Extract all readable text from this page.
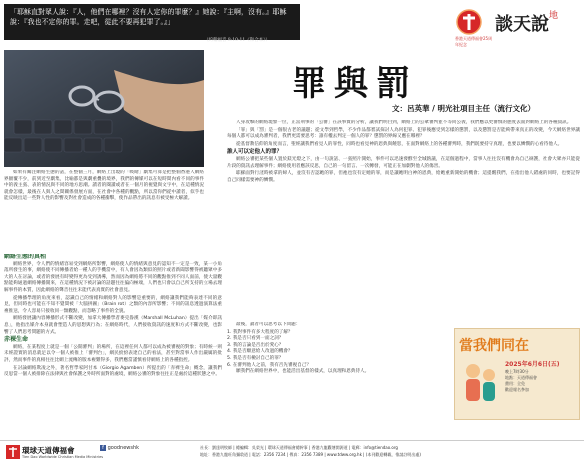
「耶穌直對眾人說：『人，他們在哪裡？沒有人定你的罪麼？』她說：『主啊，沒有。』耶穌說：『我也不定你的罪。走吧，從此不要再犯罪了。』」
（約翰福音 8:10-11《和合本》）	香港天道傳福會25周年紀念
談天說 地
罪與罰
文：呂英華 / 明光社項目主任（流行文化）

如果有關注網絡生態的話，在整個三月，網絡上出現的「吸睛」劇集可算是把整個香港人網絡界顛覆不少，前到近至劇集，比喻都是與劇重疊的境界，我們的傳媒可以在短時間內看不同的事件中的義主張、表的情況與不同的地方思潮。讀者的閱讀或者在一個月的視覺與文字中，在這種情況就會怎樣，最後在人與人之間關係發展方面，在社會中各種的觀點，所以當你們從中讀者，似乎也能反映出這一些對人性的影響及對社會造成的各種衝擊，使作品帶出的訊息有被受極大解讀。

網絡生態的真相

網絡世界，令人們的情緒容易受到網絡所影響，網絡使人的情緒與意見的認知不一定是一致，某一小角落所發生的事，網絡使不同傳播者給一種人的手機當中，有人會因為類似的照片或者新聞影響得被聽眾中多大的人在討論，或者的發展有時變得更為受到誘導，然而因為網絡將不同的觀點推到不同人面前，使大量觀點能夠通過網絡傳播開來，在這種情況下被討論的話題往往偏向極端，人們也只會以自己所支持的立場去理解事件的本質，因此網絡的聲音往往未能代表真實的社會意見。

從傳播學理的角度來看，認識自己的情緒和網絡對人的影響是重要的，網絡讓我們能夠表達不同的意見，但同時也可能在不知不覺間被「大腦拼圖」（Brain rot）之類的內容所影響；不同的訊息透過演算法重複推送，令人容易只接收同一類觀點，而忽略了事件的全貌。

網絡發展讓內容傳播形式不斷改變，加拿大傳播學者麥克魯漢（Marshall McLuhan）提出「媒介即訊息」，他指出媒介本身就會塑造人的思想與行為；在網絡時代，人們接收資訊的速度和方式不斷改變，也影響了人們思考問題的方式。

赤裸生命

網絡，在某程度上就是一個「公開審判」的場所，在這裡任何人都可以成為被審視的對象；有時候一則未經證實的消息就足以令一個人被推上「審判台」，網民紛紛表達自己的看法，甚至對當事人作出嚴厲的批評，然而事件的真相往往比網上流傳的版本複雜得多，我們應當謹慎看待網絡上的各種指控。

在討論網絡欺凌之外，著名哲學家阿甘本（Giorgio Agamben）所提出的「赤裸生命」概念，讓我們反思當一個人被排除在法律與社會保護之外時所面對的處境，網絡公審的對象往往正是處於這種狀態之中。

人身攻擊的網絡現象一位，正當刑事的「公審」在該事實的分析，讓我們明白到，網絡上的公眾審判並不等同公義，我們應以更審慎的態度去面對網絡上的各種資訊。

「罪」與「罰」是一個很古老的議題；從文學到哲學，不少作品都嘗試探討人為何犯罪、犯罪後應受到怎樣的懲罰，以及懲罰是否能夠帶來真正的改變，今天網絡世界讓每個人都可以成為審判者，我們更需要思考：誰有權去判定一個人的罪？懲罰的界線又應在哪裡？

從基督教信仰的角度而言，聖經讓我們看見人的罪性，同時也看見神的恩典與饒恕，在面對網絡上的各種審判時，我們既要持守真理，也要以憐憫的心看待他人。

誰人可以定他人的罪？

網絡公審把某些個人置於鎂光燈之下，由一句說話、一張照片開始，事件可以迅速發酵至全城熱議，在這個過程中，當事人往往沒有機會為自己辯護，社會大眾亦只能從片段的資訊去理解事件；網絡使用者應該反思，自己的一句留言、一次轉發，可能正在加劇對他人的傷害。

耶穌面對行淫時被拿的婦人，並沒有否認她的罪，但祂也沒有定她的罪，而是讓她明白神的恩典，給她重新開始的機會；這提醒我們，在指出他人錯處的同時，也要記得自己同樣需要神的憐憫。

最後，讀者可以思考以下問題：

1. 我對事件有多大程度的了解？
2. 我是否只看到一面之詞？
3. 我的言論是否出於愛心？
4. 我是否願意給人改過的機會？
5. 我是否有檢討自己的罪？
6. 在審判他人之前，我有否先審視自己？

願我們在網絡世界中，也能活出基督的樣式，以真理和恩典待人。

當我們同在
2025年6月6日(五)
晚上7時30分
地點：天道傳福會
費用：全免
歡迎報名參加
環球天道傳福會
Tien Dao Worldwide Christian Media Ministries
f goodnewshk	社長：劉達明牧師 | 總編輯：吳榮光 | 環球天道傳福會總幹事 | 香港九龍觀塘開源道 | 電郵：info@tiendao.org
地址：香港九龍旺角彌敦道 | 電話：2356 7234 | 傳真：2356 7389 | www.tdww.org.hk | (本刊歡迎轉載，惟請註明出處)
